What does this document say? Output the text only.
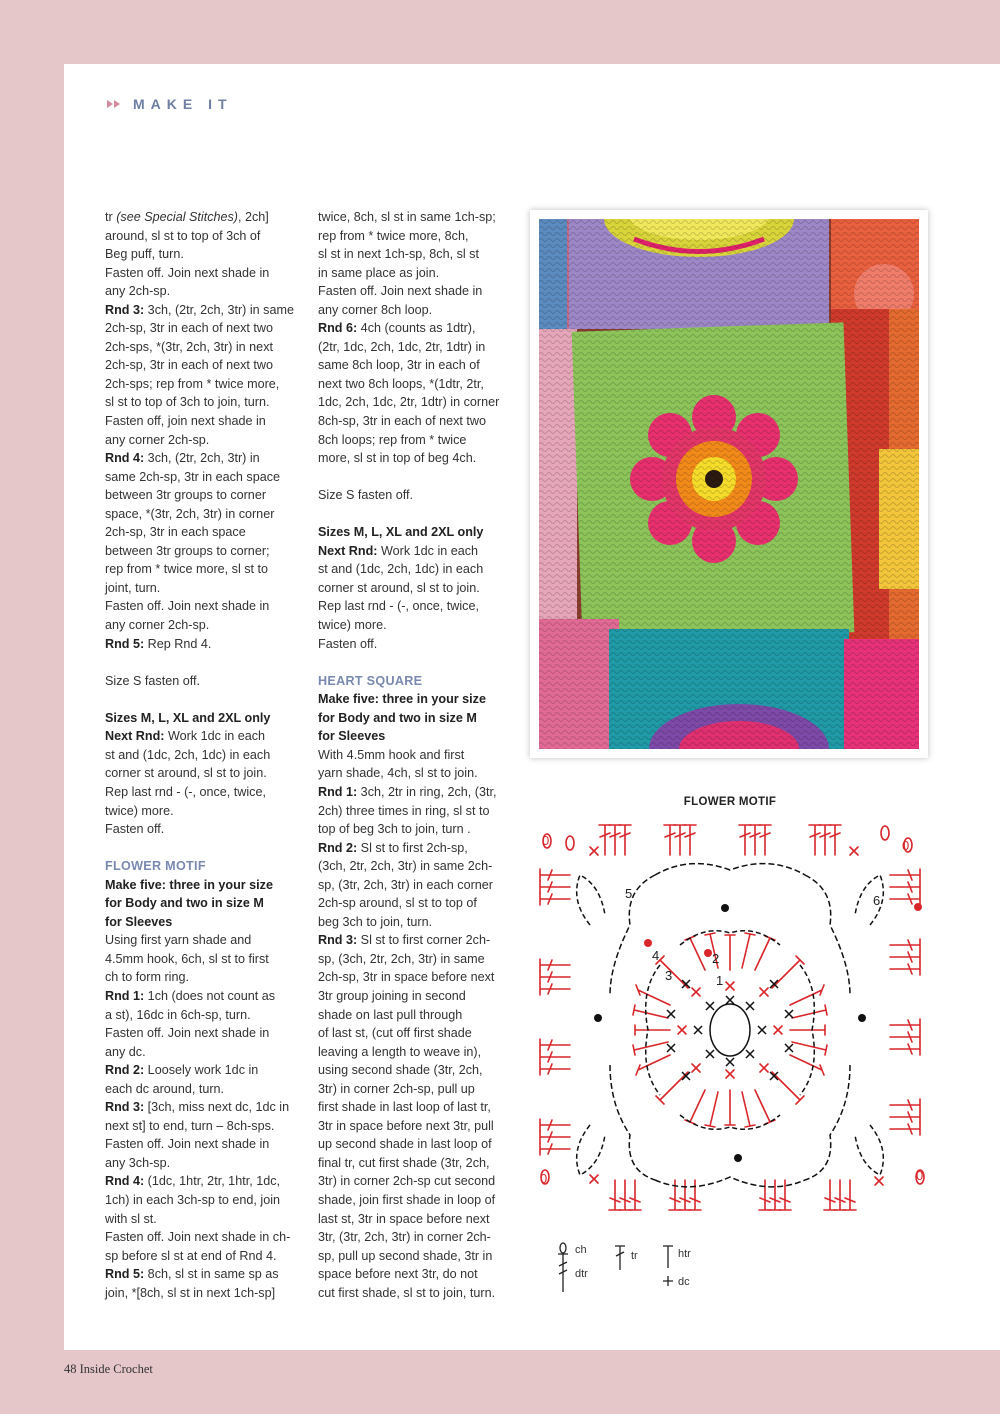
MAKE IT

tr (see Special Stitches), 2ch]

around, sl st to top of 3ch of

Beg puff, turn.

Fasten off. Join next shade in

any 2ch-sp.

Rnd 3: 3ch, (2tr, 2ch, 3tr) in same

2ch-sp, 3tr in each of next two

2ch-sps, *(3tr, 2ch, 3tr) in next

2ch-sp, 3tr in each of next two

2ch-sps; rep from * twice more,

sl st to top of 3ch to join, turn.

Fasten off, join next shade in

any corner 2ch-sp.

Rnd 4: 3ch, (2tr, 2ch, 3tr) in

same 2ch-sp, 3tr in each space

between 3tr groups to corner

space, *(3tr, 2ch, 3tr) in corner

2ch-sp, 3tr in each space

between 3tr groups to corner;

rep from * twice more, sl st to

joint, turn.

Fasten off. Join next shade in

any corner 2ch-sp.

Rnd 5: Rep Rnd 4.

Size S fasten off.

Sizes M, L, XL and 2XL only

Next Rnd: Work 1dc in each

st and (1dc, 2ch, 1dc) in each

corner st around, sl st to join.

Rep last rnd - (-, once, twice,

twice) more.

Fasten off.

FLOWER MOTIF

Make five: three in your size

for Body and two in size M

for Sleeves

Using first yarn shade and

4.5mm hook, 6ch, sl st to first

ch to form ring.

Rnd 1: 1ch (does not count as

a st), 16dc in 6ch-sp, turn.

Fasten off. Join next shade in

any dc.

Rnd 2: Loosely work 1dc in

each dc around, turn.

Rnd 3: [3ch, miss next dc, 1dc in

next st] to end, turn – 8ch-sps.

Fasten off. Join next shade in

any 3ch-sp.

Rnd 4: (1dc, 1htr, 2tr, 1htr, 1dc,

1ch) in each 3ch-sp to end, join

with sl st.

Fasten off. Join next shade in ch-

sp before sl st at end of Rnd 4.

Rnd 5: 8ch, sl st in same sp as

join, *[8ch, sl st in next 1ch-sp]

twice, 8ch, sl st in same 1ch-sp;

rep from * twice more, 8ch,

sl st in next 1ch-sp, 8ch, sl st

in same place as join.

Fasten off. Join next shade in

any corner 8ch loop.

Rnd 6: 4ch (counts as 1dtr),

(2tr, 1dc, 2ch, 1dc, 2tr, 1dtr) in

same 8ch loop, 3tr in each of

next two 8ch loops, *(1dtr, 2tr,

1dc, 2ch, 1dc, 2tr, 1dtr) in corner

8ch-sp, 3tr in each of next two

8ch loops; rep from * twice

more, sl st in top of beg 4ch.

Size S fasten off.

Sizes M, L, XL and 2XL only

Next Rnd: Work 1dc in each

st and (1dc, 2ch, 1dc) in each

corner st around, sl st to join.

Rep last rnd - (-, once, twice,

twice) more.

Fasten off.

HEART SQUARE

Make five: three in your size

for Body and two in size M

for Sleeves

With 4.5mm hook and first

yarn shade, 4ch, sl st to join.

Rnd 1: 3ch, 2tr in ring, 2ch, (3tr,

2ch) three times in ring, sl st to

top of beg 3ch to join, turn .

Rnd 2: Sl st to first 2ch-sp,

(3ch, 2tr, 2ch, 3tr) in same 2ch-

sp, (3tr, 2ch, 3tr) in each corner

2ch-sp around, sl st to top of

beg 3ch to join, turn.

Rnd 3: Sl st to first corner 2ch-

sp, (3ch, 2tr, 2ch, 3tr) in same

2ch-sp, 3tr in space before next

3tr group joining in second

shade on last pull through

of last st, (cut off first shade

leaving a length to weave in),

using second shade (3tr, 2ch,

3tr) in corner 2ch-sp, pull up

first shade in last loop of last tr,

3tr in space before next 3tr, pull

up second shade in last loop of

final tr, cut first shade (3tr, 2ch,

3tr) in corner 2ch-sp cut second

shade, join first shade in loop of

last st, 3tr in space before next

3tr, (3tr, 2ch, 3tr) in corner 2ch-

sp, pull up second shade, 3tr in

space before next 3tr, do not

cut first shade, sl st to join, turn.

FLOWER MOTIF
5	6
4
3
2
1
0	0
0	0
ch
dtr
tr	htr
dc
48 Inside Crochet
